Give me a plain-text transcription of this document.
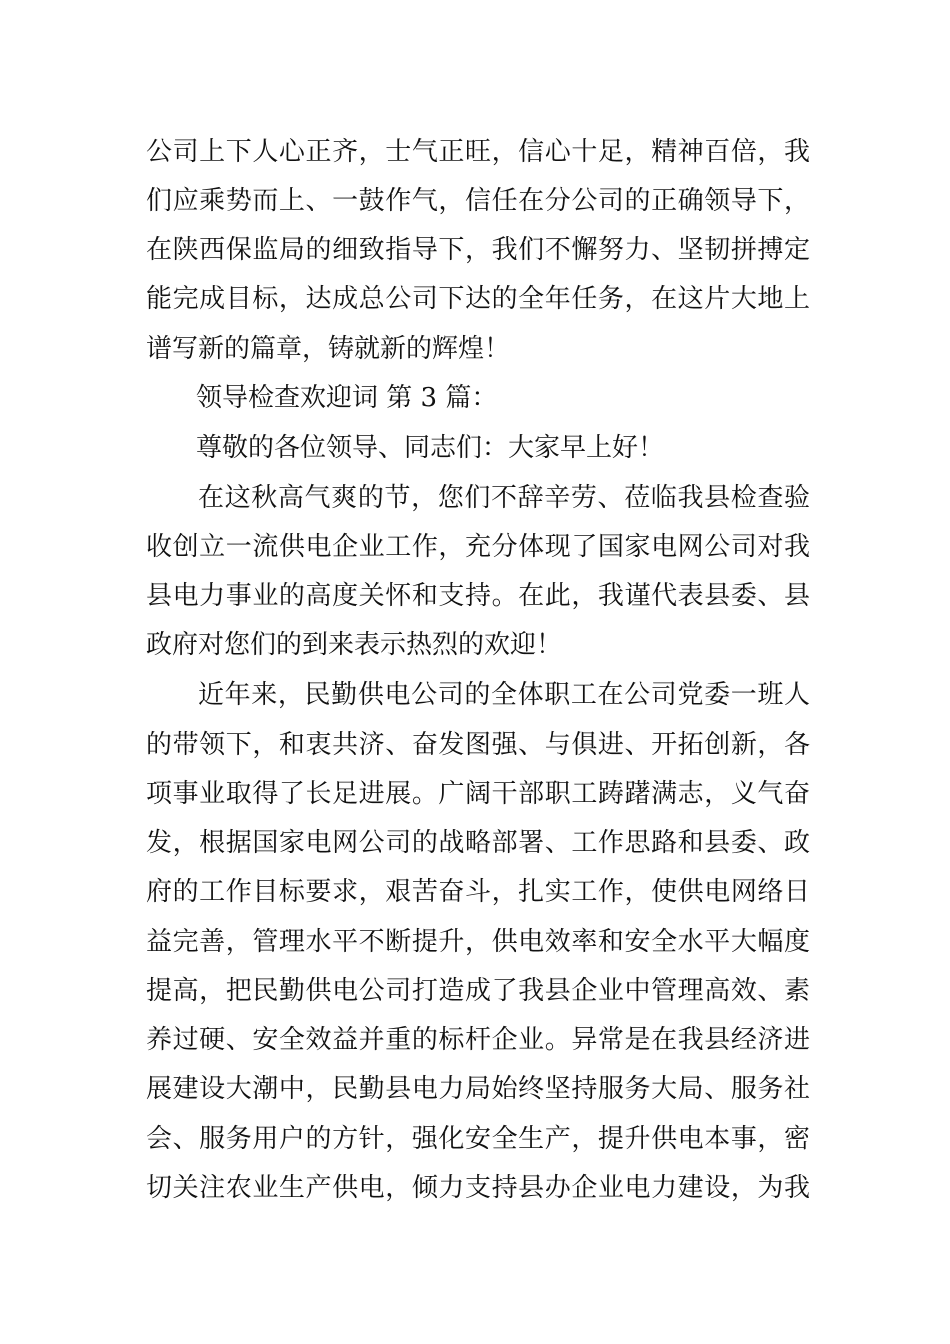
公司上下人心正齐，士气正旺，信心十足，精神百倍，我
们应乘势而上、一鼓作气，信任在分公司的正确领导下，
在陕西保监局的细致指导下，我们不懈努力、坚韧拼搏定
能完成目标，达成总公司下达的全年任务，在这片大地上
谱写新的篇章，铸就新的辉煌！
领导检查欢迎词 第 3 篇：
尊敬的各位领导、同志们：大家早上好！
在这秋高气爽的节，您们不辞辛劳、莅临我县检查验
收创立一流供电企业工作，充分体现了国家电网公司对我
县电力事业的高度关怀和支持。在此，我谨代表县委、县
政府对您们的到来表示热烈的欢迎！
近年来，民勤供电公司的全体职工在公司党委一班人
的带领下，和衷共济、奋发图强、与俱进、开拓创新，各
项事业取得了长足进展。广阔干部职工踌躇满志，义气奋
发，根据国家电网公司的战略部署、工作思路和县委、政
府的工作目标要求，艰苦奋斗，扎实工作，使供电网络日
益完善，管理水平不断提升，供电效率和安全水平大幅度
提高，把民勤供电公司打造成了我县企业中管理高效、素
养过硬、安全效益并重的标杆企业。异常是在我县经济进
展建设大潮中，民勤县电力局始终坚持服务大局、服务社
会、服务用户的方针，强化安全生产，提升供电本事，密
切关注农业生产供电，倾力支持县办企业电力建设，为我
